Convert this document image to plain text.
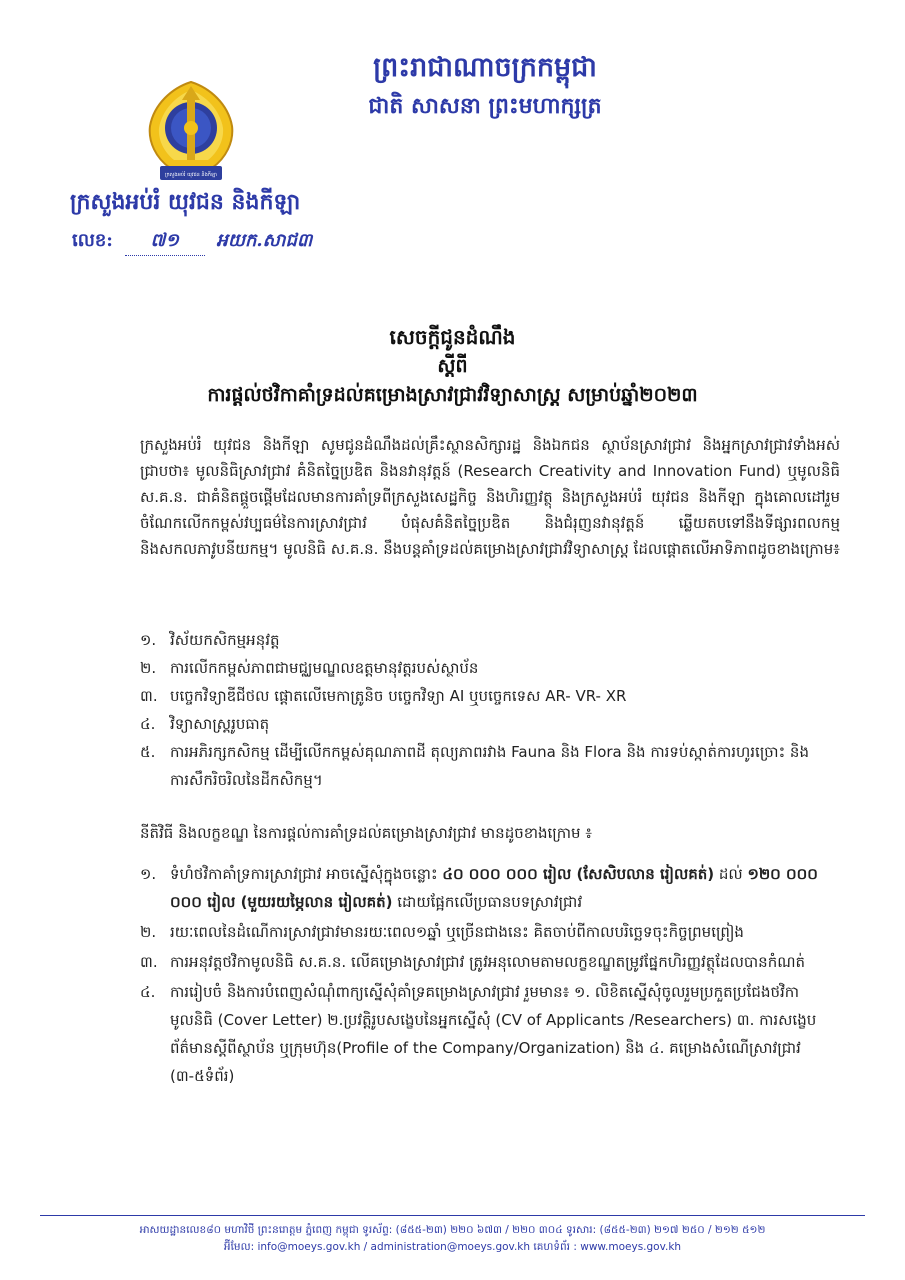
ក្រសួងអប់រំ យុវជន និងកីឡា
ព្រះរាជាណាចក្រកម្ពុជា
ជាតិ សាសនា ព្រះមហាក្សត្រ
ក្រសួងអប់រំ យុវជន និងកីឡា
លេខ: ៧១ អយក.សាជ៣
សេចក្តីជូនដំណឹង
ស្តីពី
ការផ្តល់ថវិកាគាំទ្រដល់គម្រោងស្រាវជ្រាវវិទ្យាសាស្ត្រ សម្រាប់ឆ្នាំ២០២៣
ក្រសួងអប់រំ យុវជន និងកីឡា សូមជូនដំណឹងដល់គ្រឹះស្ថានសិក្សារដ្ឋ និងឯកជន ស្ថាប័នស្រាវជ្រាវ និងអ្នកស្រាវជ្រាវទាំងអស់ជ្រាបថា៖ មូលនិធិស្រាវជ្រាវ គំនិតច្នៃប្រឌិត និងនវានុវត្តន៍ (Research Creativity and Innovation Fund) ឬមូលនិធិ ស.គ.ន. ជាគំនិតផ្តួចផ្តើមដែលមានការគាំទ្រពីក្រសួងសេដ្ឋកិច្ច និងហិរញ្ញវត្ថុ និងក្រសួងអប់រំ យុវជន និងកីឡា ក្នុងគោលដៅរួមចំណែកលើកកម្ពស់វប្បធម៌នៃការស្រាវជ្រាវ បំផុសគំនិតច្នៃប្រឌិត និងជំរុញនវានុវត្តន៍ ឆ្លើយតបទៅនឹងទីផ្សារពលកម្ម និងសកលភាវូបនីយកម្ម។ មូលនិធិ ស.គ.ន. នឹងបន្តគាំទ្រដល់គម្រោងស្រាវជ្រាវវិទ្យាសាស្ត្រ ដែលផ្តោតលើអាទិភាពដូចខាងក្រោម៖
១. វិស័យកសិកម្មអនុវត្ត
២. ការលើកកម្ពស់ភាពជាមជ្ឈមណ្ឌលឧត្តមានុវត្តរបស់ស្ថាប័ន
៣. បច្ចេកវិទ្យាឌីជីថល ផ្តោតលើមេកាត្រូនិច បច្ចេកវិទ្យា AI ឬបច្ចេកទេស AR- VR- XR
៤. វិទ្យាសាស្ត្ររូបធាតុ
៥. ការអភិរក្សកសិកម្ម ដើម្បីលើកកម្ពស់គុណភាពដី តុល្យភាពរវាង Fauna និង Flora និង ការទប់ស្កាត់ការហូរច្រោះ និងការសឹករិចរិលនៃដីកសិកម្ម។
នីតិវិធី និងលក្ខខណ្ឌ នៃការផ្តល់ការគាំទ្រដល់គម្រោងស្រាវជ្រាវ មានដូចខាងក្រោម ៖
១. ទំហំថវិកាគាំទ្រការស្រាវជ្រាវ អាចស្នើសុំក្នុងចន្លោះ ៤០ ០០០ ០០០ រៀល (សែសិបលាន រៀលគត់) ដល់ ១២០ ០០០ ០០០ រៀល (មួយរយម្ភៃលាន រៀលគត់) ដោយផ្អែកលើប្រធានបទស្រាវជ្រាវ
២. រយៈពេលនៃដំណើការស្រាវជ្រាវមានរយៈពេល១ឆ្នាំ ឬច្រើនជាងនេះ គិតចាប់ពីកាលបរិច្ឆេទចុះកិច្ចព្រមព្រៀង
៣. ការអនុវត្តថវិកាមូលនិធិ ស.គ.ន. លើគម្រោងស្រាវជ្រាវ ត្រូវអនុលោមតាមលក្ខខណ្ឌតម្រូវផ្នែកហិរញ្ញវត្ថុដែលបានកំណត់
៤. ការរៀបចំ និងការបំពេញសំណុំពាក្យស្នើសុំគាំទ្រគម្រោងស្រាវជ្រាវ រួមមាន៖ ១. លិខិតស្នើសុំចូលរួមប្រកួតប្រជែងថវិកាមូលនិធិ (Cover Letter) ២.ប្រវត្តិរូបសង្ខេបនៃអ្នកស្នើសុំ (CV of Applicants /Researchers) ៣. ការសង្ខេបព័ត៌មានស្តីពីស្ថាប័ន ឬក្រុមហ៊ុន(Profile of the Company/Organization) និង ៤. គម្រោងសំណើស្រាវជ្រាវ (៣-៥ទំព័រ)
អាសយដ្ឋានលេខ៨០ មហាវិថី ព្រះនរោត្តម ភ្នំពេញ កម្ពុជា ទូរស័ព្ទ: (៨៥៥-២៣) ២២០ ៦៧៣ / ២២០ ៣០៤ ទូរសារ: (៨៥៥-២៣) ២១៧ ២៥០ / ២១២ ៥១២
អ៊ីមែល: info@moeys.gov.kh / administration@moeys.gov.kh គេហទំព័រ : www.moeys.gov.kh
